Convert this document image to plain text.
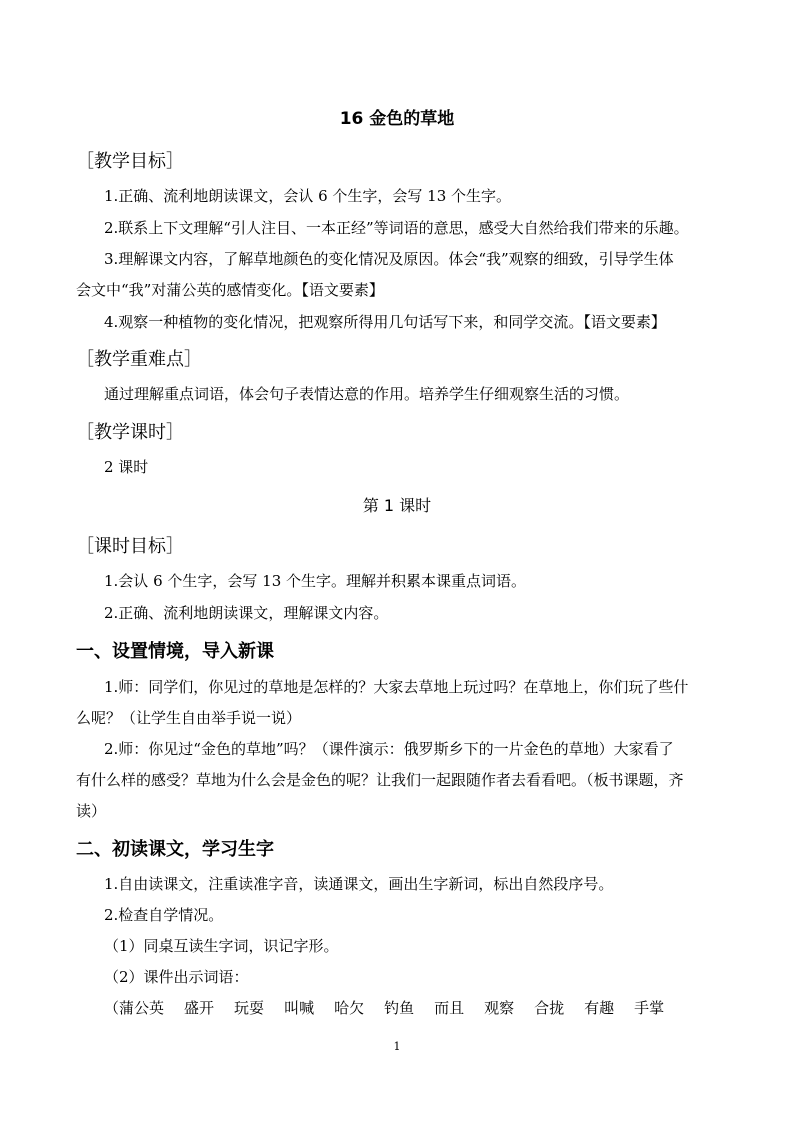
16 金色的草地
［教学目标］
1.正确、流利地朗读课文，会认 6 个生字，会写 13 个生字。
2.联系上下文理解“引人注目、一本正经”等词语的意思，感受大自然给我们带来的乐趣。
3.理解课文内容，了解草地颜色的变化情况及原因。体会“我”观察的细致，引导学生体
会文中“我”对蒲公英的感情变化。【语文要素】
4.观察一种植物的变化情况，把观察所得用几句话写下来，和同学交流。【语文要素】
［教学重难点］
通过理解重点词语，体会句子表情达意的作用。培养学生仔细观察生活的习惯。
［教学课时］
2 课时
第 1 课时
［课时目标］
1.会认 6 个生字，会写 13 个生字。理解并积累本课重点词语。
2.正确、流利地朗读课文，理解课文内容。
一、设置情境，导入新课
1.师：同学们，你见过的草地是怎样的？大家去草地上玩过吗？在草地上，你们玩了些什
么呢？（让学生自由举手说一说）
2.师：你见过“金色的草地”吗？（课件演示：俄罗斯乡下的一片金色的草地）大家看了
有什么样的感受？草地为什么会是金色的呢？让我们一起跟随作者去看看吧。（板书课题，齐
读）
二、初读课文，学习生字
1.自由读课文，注重读准字音，读通课文，画出生字新词，标出自然段序号。
2.检查自学情况。
（1）同桌互读生字词，识记字形。
（2）课件出示词语：
（蒲公英 盛开 玩耍 叫喊 哈欠 钓鱼 而且 观察 合拢 有趣 手掌
1
